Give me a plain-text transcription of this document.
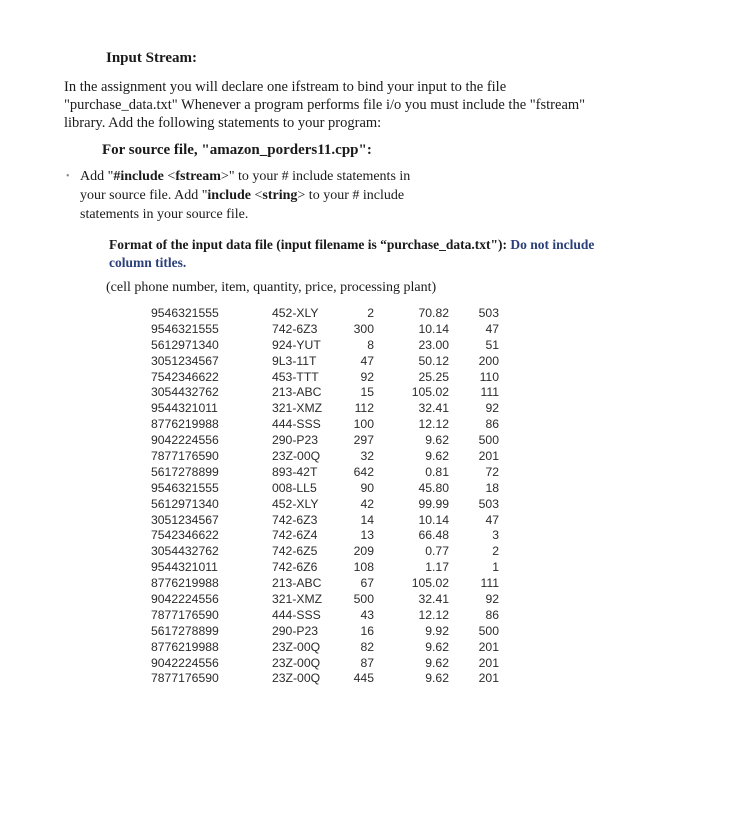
Input Stream:
In the assignment you will declare one ifstream to bind your input to the file
"purchase_data.txt" Whenever a program performs file i/o you must include the "fstream"
library. Add the following statements to your program:
For source file, "amazon_porders11.cpp":
• Add "#include <fstream>" to your # include statements in
your source file. Add "include <string> to your # include
statements in your source file.
Format of the input data file (input filename is “purchase_data.txt"): Do not include
column titles.
(cell phone number, item, quantity, price, processing plant)
9546321555	452-XLY	2	70.82	503
9546321555	742-6Z3	300	10.14	47
5612971340	924-YUT	8	23.00	51
3051234567	9L3-11T	47	50.12	200
7542346622	453-TTT	92	25.25	110
3054432762	213-ABC	15	105.02	111
9544321011	321-XMZ	112	32.41	92
8776219988	444-SSS	100	12.12	86
9042224556	290-P23	297	9.62	500
7877176590	23Z-00Q	32	9.62	201
5617278899	893-42T	642	0.81	72
9546321555	008-LL5	90	45.80	18
5612971340	452-XLY	42	99.99	503
3051234567	742-6Z3	14	10.14	47
7542346622	742-6Z4	13	66.48	3
3054432762	742-6Z5	209	0.77	2
9544321011	742-6Z6	108	1.17	1
8776219988	213-ABC	67	105.02	111
9042224556	321-XMZ	500	32.41	92
7877176590	444-SSS	43	12.12	86
5617278899	290-P23	16	9.92	500
8776219988	23Z-00Q	82	9.62	201
9042224556	23Z-00Q	87	9.62	201
7877176590	23Z-00Q	445	9.62	201
